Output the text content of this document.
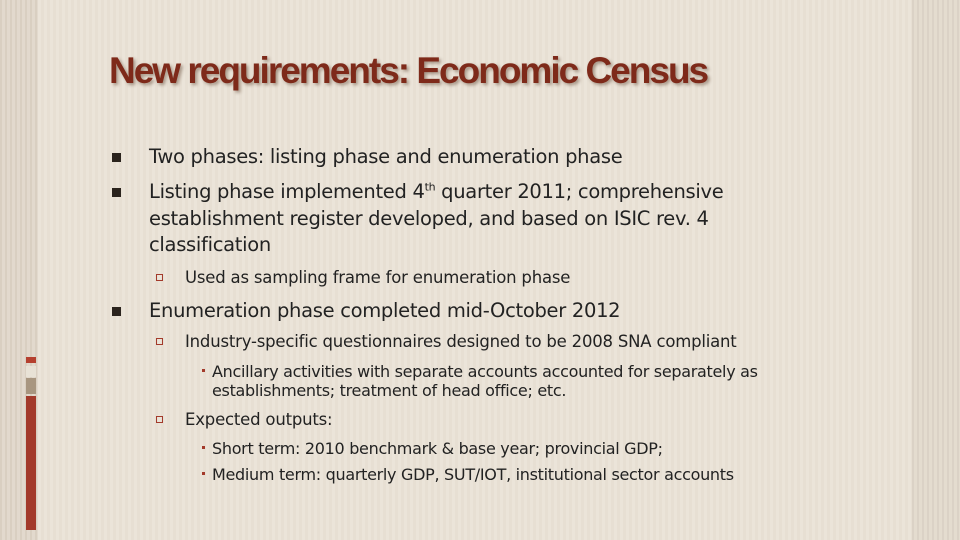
New requirements: Economic Census
Two phases: listing phase and enumeration phase
Listing phase implemented 4th quarter 2011; comprehensive
establishment register developed, and based on ISIC rev. 4
classification
Used as sampling frame for enumeration phase
Enumeration phase completed mid-October 2012
Industry-specific questionnaires designed to be 2008 SNA compliant
Ancillary activities with separate accounts accounted for separately as
establishments; treatment of head office; etc.
Expected outputs:
Short term: 2010 benchmark & base year; provincial GDP;
Medium term: quarterly GDP, SUT/IOT, institutional sector accounts
